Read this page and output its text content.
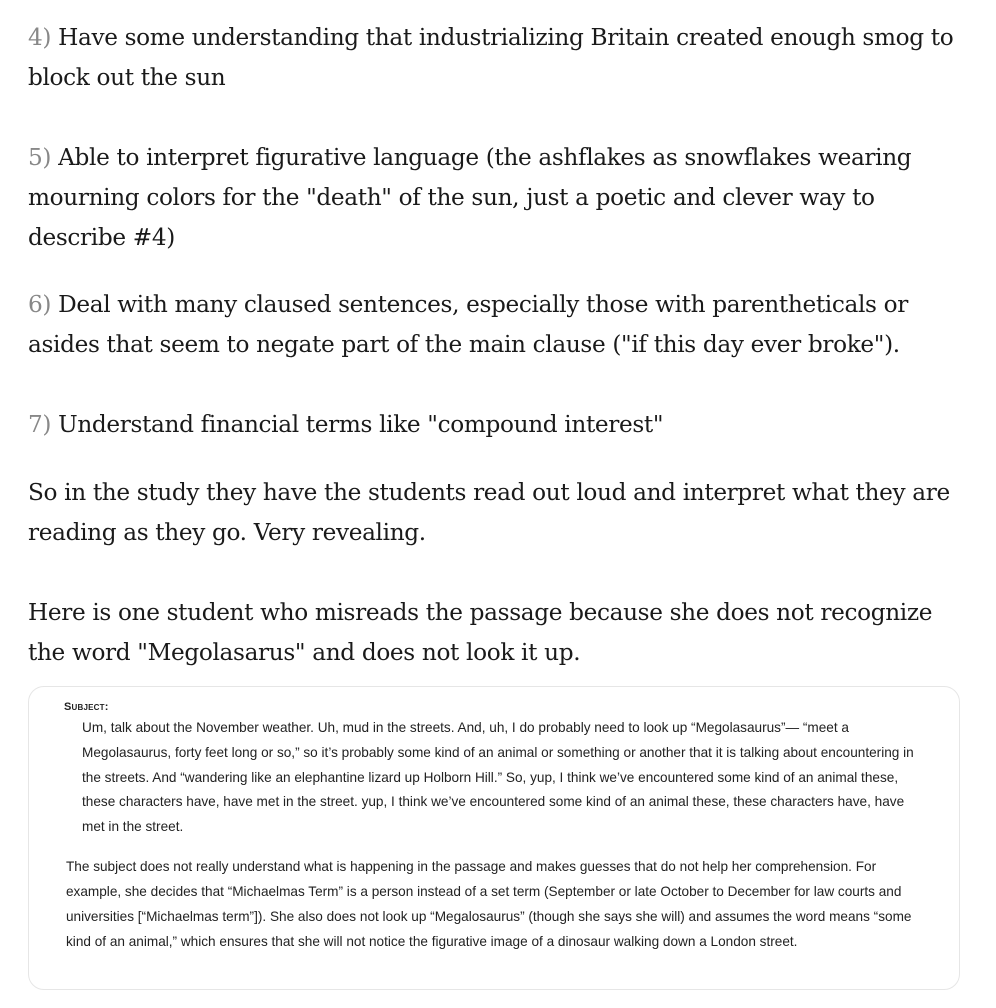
4) Have some understanding that industrializing Britain created enough smog to block out the sun

5) Able to interpret figurative language (the ashflakes as snowflakes wearing mourning colors for the "death" of the sun, just a poetic and clever way to describe #4)

6) Deal with many claused sentences, especially those with parentheticals or asides that seem to negate part of the main clause ("if this day ever broke").

7) Understand financial terms like "compound interest"

So in the study they have the students read out loud and interpret what they are reading as they go. Very revealing.

Here is one student who misreads the passage because she does not recognize the word "Megolasarus" and does not look it up.

Subject:

Um, talk about the November weather. Uh, mud in the streets. And, uh, I do probably need to look up “Megolasaurus”— “meet a Megolasaurus, forty feet long or so,” so it’s probably some kind of an animal or something or another that it is talking about encountering in the streets. And “wandering like an elephantine lizard up Holborn Hill.” So, yup, I think we’ve encountered some kind of an animal these, these characters have, have met in the street. yup, I think we’ve encountered some kind of an animal these, these characters have, have met in the street.

The subject does not really understand what is happening in the passage and makes guesses that do not help her comprehension. For example, she decides that “Michaelmas Term” is a person instead of a set term (September or late October to December for law courts and universities [“Michaelmas term”]). She also does not look up “Megalosaurus” (though she says she will) and assumes the word means “some kind of an animal,” which ensures that she will not notice the figurative image of a dinosaur walking down a London street.
